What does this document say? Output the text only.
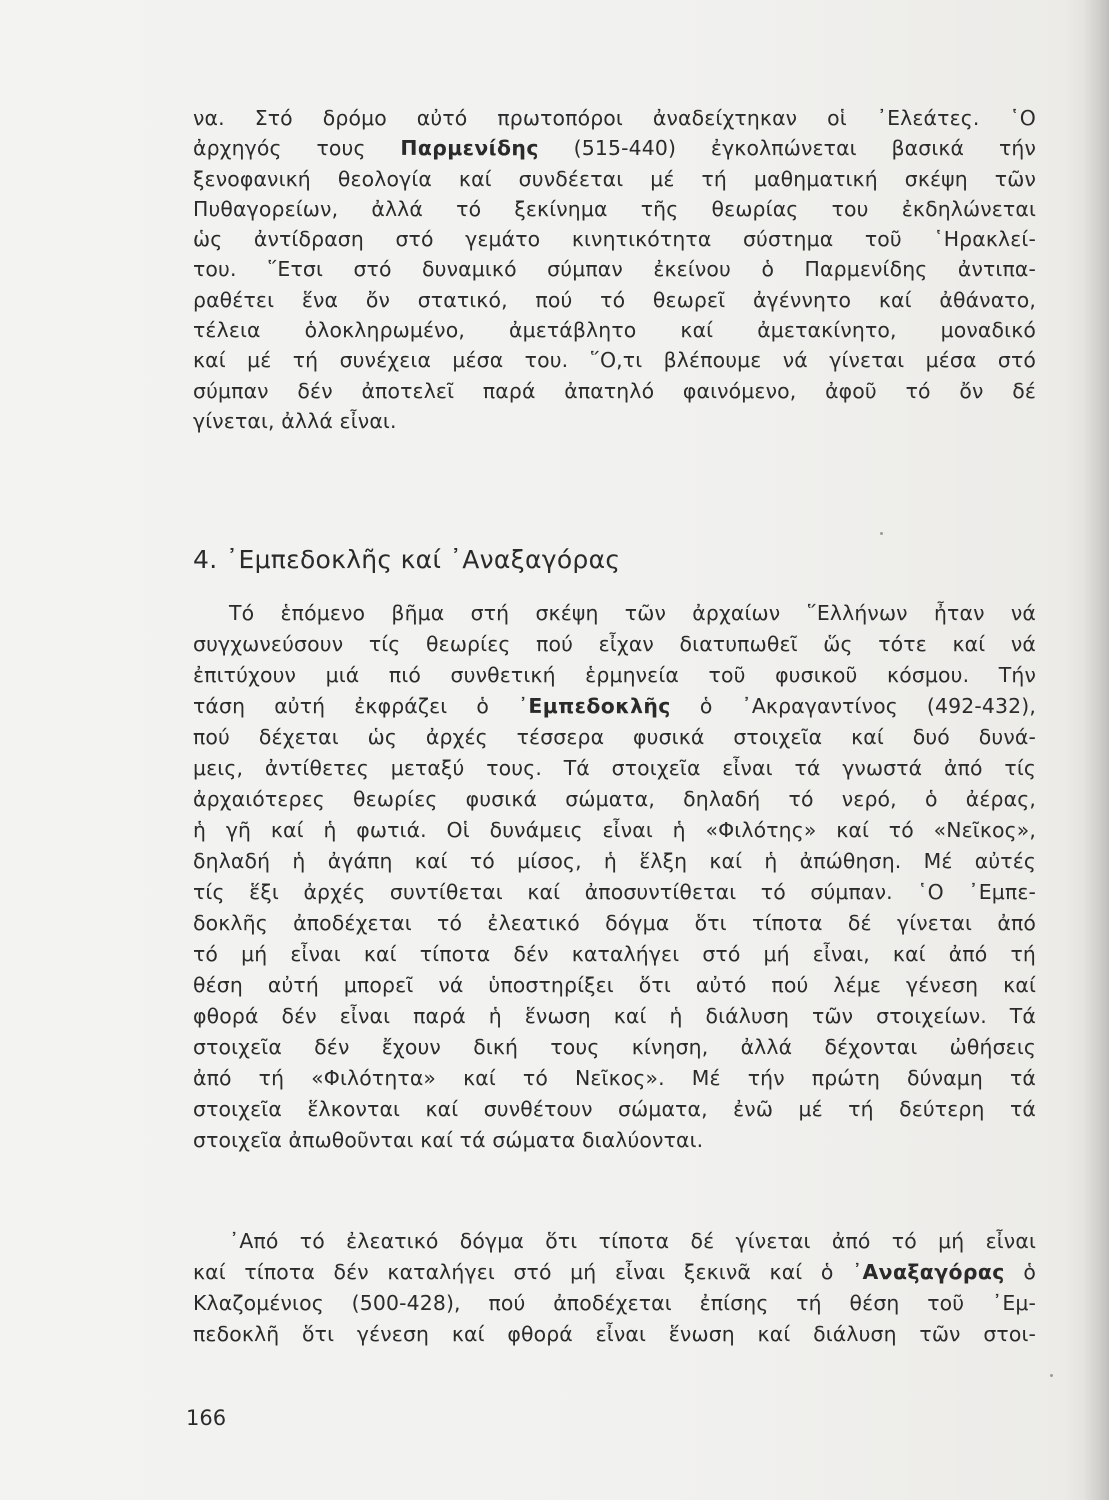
να. Στό δρόμο αὐτό πρωτοπόροι ἀναδείχτηκαν οἱ ᾿Ελεάτες. ῾Ο
ἀρχηγός τους Παρμενίδης (515-440) ἐγκολπώνεται βασικά τήν
ξενοφανική θεολογία καί συνδέεται μέ τή μαθηματική σκέψη τῶν
Πυθαγορείων, ἀλλά τό ξεκίνημα τῆς θεωρίας του ἐκδηλώνεται
ὡς ἀντίδραση στό γεμάτο κινητικότητα σύστημα τοῦ ῾Ηρακλεί-
του. ῞Ετσι στό δυναμικό σύμπαν ἐκείνου ὁ Παρμενίδης ἀντιπα-
ραθέτει ἕνα ὄν στατικό, πού τό θεωρεῖ ἀγέννητο καί ἀθάνατο,
τέλεια ὁλοκληρωμένο, ἀμετάβλητο καί ἀμετακίνητο, μοναδικό
καί μέ τή συνέχεια μέσα του. ῞Ο,τι βλέπουμε νά γίνεται μέσα στό
σύμπαν δέν ἀποτελεῖ παρά ἀπατηλό φαινόμενο, ἀφοῦ τό ὄν δέ
γίνεται, ἀλλά εἶναι.
4. ᾿Εμπεδοκλῆς καί ᾿Αναξαγόρας
Τό ἑπόμενο βῆμα στή σκέψη τῶν ἀρχαίων ῞Ελλήνων ἦταν νά
συγχωνεύσουν τίς θεωρίες πού εἶχαν διατυπωθεῖ ὥς τότε καί νά
ἐπιτύχουν μιά πιό συνθετική ἑρμηνεία τοῦ φυσικοῦ κόσμου. Τήν
τάση αὐτή ἐκφράζει ὁ ᾿Εμπεδοκλῆς ὁ ᾿Ακραγαντίνος (492-432),
πού δέχεται ὡς ἀρχές τέσσερα φυσικά στοιχεῖα καί δυό δυνά-
μεις, ἀντίθετες μεταξύ τους. Τά στοιχεῖα εἶναι τά γνωστά ἀπό τίς
ἀρχαιότερες θεωρίες φυσικά σώματα, δηλαδή τό νερό, ὁ ἀέρας,
ἡ γῆ καί ἡ φωτιά. Οἱ δυνάμεις εἶναι ἡ «Φιλότης» καί τό «Νεῖκος»,
δηλαδή ἡ ἀγάπη καί τό μίσος, ἡ ἕλξη καί ἡ ἀπώθηση. Μέ αὐτές
τίς ἕξι ἀρχές συντίθεται καί ἀποσυντίθεται τό σύμπαν. ῾Ο ᾿Εμπε-
δοκλῆς ἀποδέχεται τό ἐλεατικό δόγμα ὅτι τίποτα δέ γίνεται ἀπό
τό μή εἶναι καί τίποτα δέν καταλήγει στό μή εἶναι, καί ἀπό τή
θέση αὐτή μπορεῖ νά ὑποστηρίξει ὅτι αὐτό πού λέμε γένεση καί
φθορά δέν εἶναι παρά ἡ ἕνωση καί ἡ διάλυση τῶν στοιχείων. Τά
στοιχεῖα δέν ἔχουν δική τους κίνηση, ἀλλά δέχονται ὠθήσεις
ἀπό τή «Φιλότητα» καί τό Νεῖκος». Μέ τήν πρώτη δύναμη τά
στοιχεῖα ἕλκονται καί συνθέτουν σώματα, ἐνῶ μέ τή δεύτερη τά
στοιχεῖα ἀπωθοῦνται καί τά σώματα διαλύονται.
᾿Από τό ἐλεατικό δόγμα ὅτι τίποτα δέ γίνεται ἀπό τό μή εἶναι
καί τίποτα δέν καταλήγει στό μή εἶναι ξεκινᾶ καί ὁ ᾿Αναξαγόρας ὁ
Κλαζομένιος (500-428), πού ἀποδέχεται ἐπίσης τή θέση τοῦ ᾿Εμ-
πεδοκλῆ ὅτι γένεση καί φθορά εἶναι ἕνωση καί διάλυση τῶν στοι-
166
